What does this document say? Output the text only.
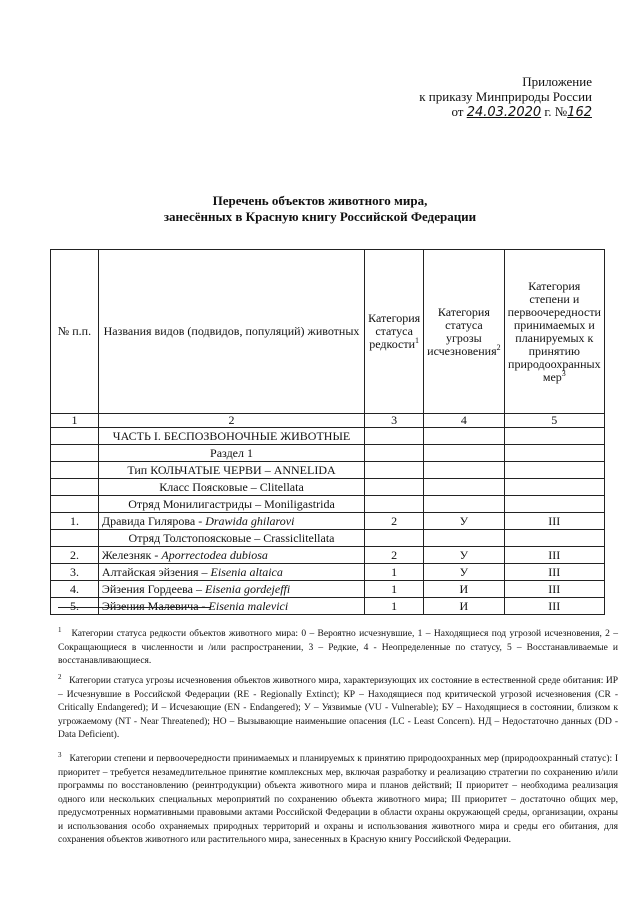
Приложение
к приказу Минприроды России
от 24.03.2020 г. №162
Перечень объектов животного мира,
занесённых в Красную книгу Российской Федерации
№ п.п.	Названия видов (подвидов, популяций) животных	Категория статуса редкости$^1$	Категория статуса угрозы исчезновения$^2$	Категория степени и первоочередности принимаемых и планируемых к принятию природоохранных мер$^3$
1	2	3	4	5
	ЧАСТЬ I. БЕСПОЗВОНОЧНЫЕ ЖИВОТНЫЕ			
	Раздел 1			
	Тип КОЛЬЧАТЫЕ ЧЕРВИ – ANNELIDA			
	Класс Поясковые – Clitellata			
	Отряд Монилигастриды – Moniligastrida			
1.	Дравида Гилярова - Drawida ghilarovi	2	У	III
	Отряд Толстопоясковые – Crassiclitellata			
2.	Железняк - Aporrectodea dubiosa	2	У	III
3.	Алтайская эйзения – Eisenia altaica	1	У	III
4.	Эйзения Гордеева – Eisenia gordejeffi	1	И	III
5.	Эйзения Малевича - Eisenia malevici	1	И	III
$^1$ Категории статуса редкости объектов животного мира: 0 – Вероятно исчезнувшие, 1 – Находящиеся под угрозой исчезновения, 2 – Сокращающиеся в численности и /или распространении, 3 – Редкие, 4 - Неопределенные по статусу, 5 – Восстанавливаемые и восстанавливающиеся.
$^2$ Категории статуса угрозы исчезновения объектов животного мира, характеризующих их состояние в естественной среде обитания: ИР – Исчезнувшие в Российской Федерации (RE - Regionally Extinct); КР – Находящиеся под критической угрозой исчезновения (CR - Critically Endangered); И – Исчезающие (EN - Endangered); У – Уязвимые (VU - Vulnerable); БУ – Находящиеся в состоянии, близком к угрожаемому (NT - Near Threatened); НО – Вызывающие наименьшие опасения (LC - Least Concern). НД – Недостаточно данных (DD - Data Deficient).
$^3$ Категории степени и первоочередности принимаемых и планируемых к принятию природоохранных мер (природоохранный статус): I приоритет – требуется незамедлительное принятие комплексных мер, включая разработку и реализацию стратегии по сохранению и/или программы по восстановлению (реинтродукции) объекта животного мира и планов действий; II приоритет – необходима реализация одного или нескольких специальных мероприятий по сохранению объекта животного мира; III приоритет – достаточно общих мер, предусмотренных нормативными правовыми актами Российской Федерации в области охраны окружающей среды, организации, охраны и использования особо охраняемых природных территорий и охраны и использования животного мира и среды его обитания, для сохранения объектов животного или растительного мира, занесенных в Красную книгу Российской Федерации.
